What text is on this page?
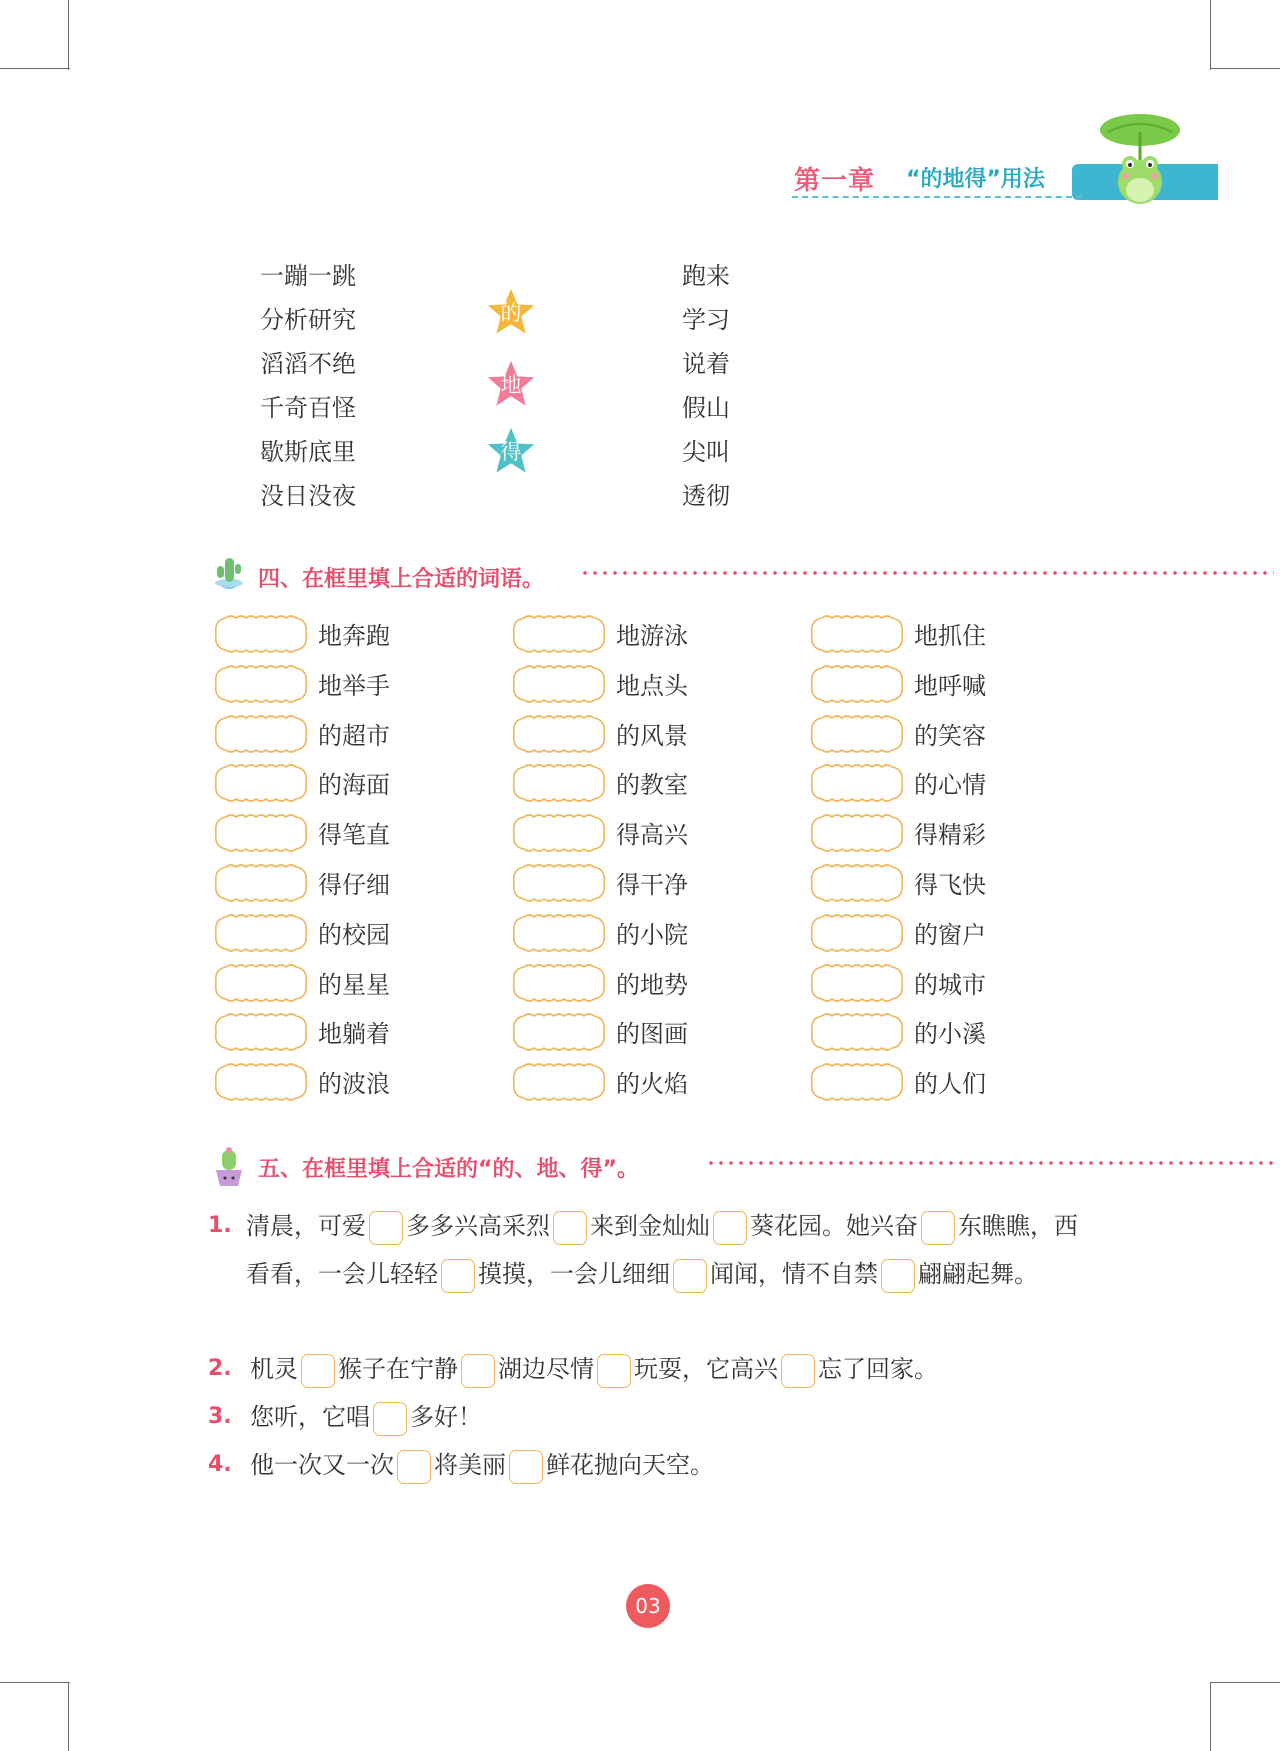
第一章 “的地得”用法
一蹦一跳
分析研究
滔滔不绝
千奇百怪
歇斯底里
没日没夜
跑来
学习
说着
假山
尖叫
透彻
的
地
得
四、在框里填上合适的词语。
地奔跑
地举手
的超市
的海面
得笔直
得仔细
的校园
的星星
地躺着
的波浪
地游泳
地点头
的风景
的教室
得高兴
得干净
的小院
的地势
的图画
的火焰
地抓住
地呼喊
的笑容
的心情
得精彩
得飞快
的窗户
的城市
的小溪
的人们
五、在框里填上合适的“的、地、得”。
1. 清晨，可爱 多多兴高采烈 来到金灿灿 葵花园。她兴奋 东瞧瞧，西看看，一会儿轻轻 摸摸，一会儿细细 闻闻，情不自禁 翩翩起舞。
2. 机灵 猴子在宁静 湖边尽情 玩耍，它高兴 忘了回家。
3. 您听，它唱 多好！
4. 他一次又一次 将美丽 鲜花抛向天空。
03
